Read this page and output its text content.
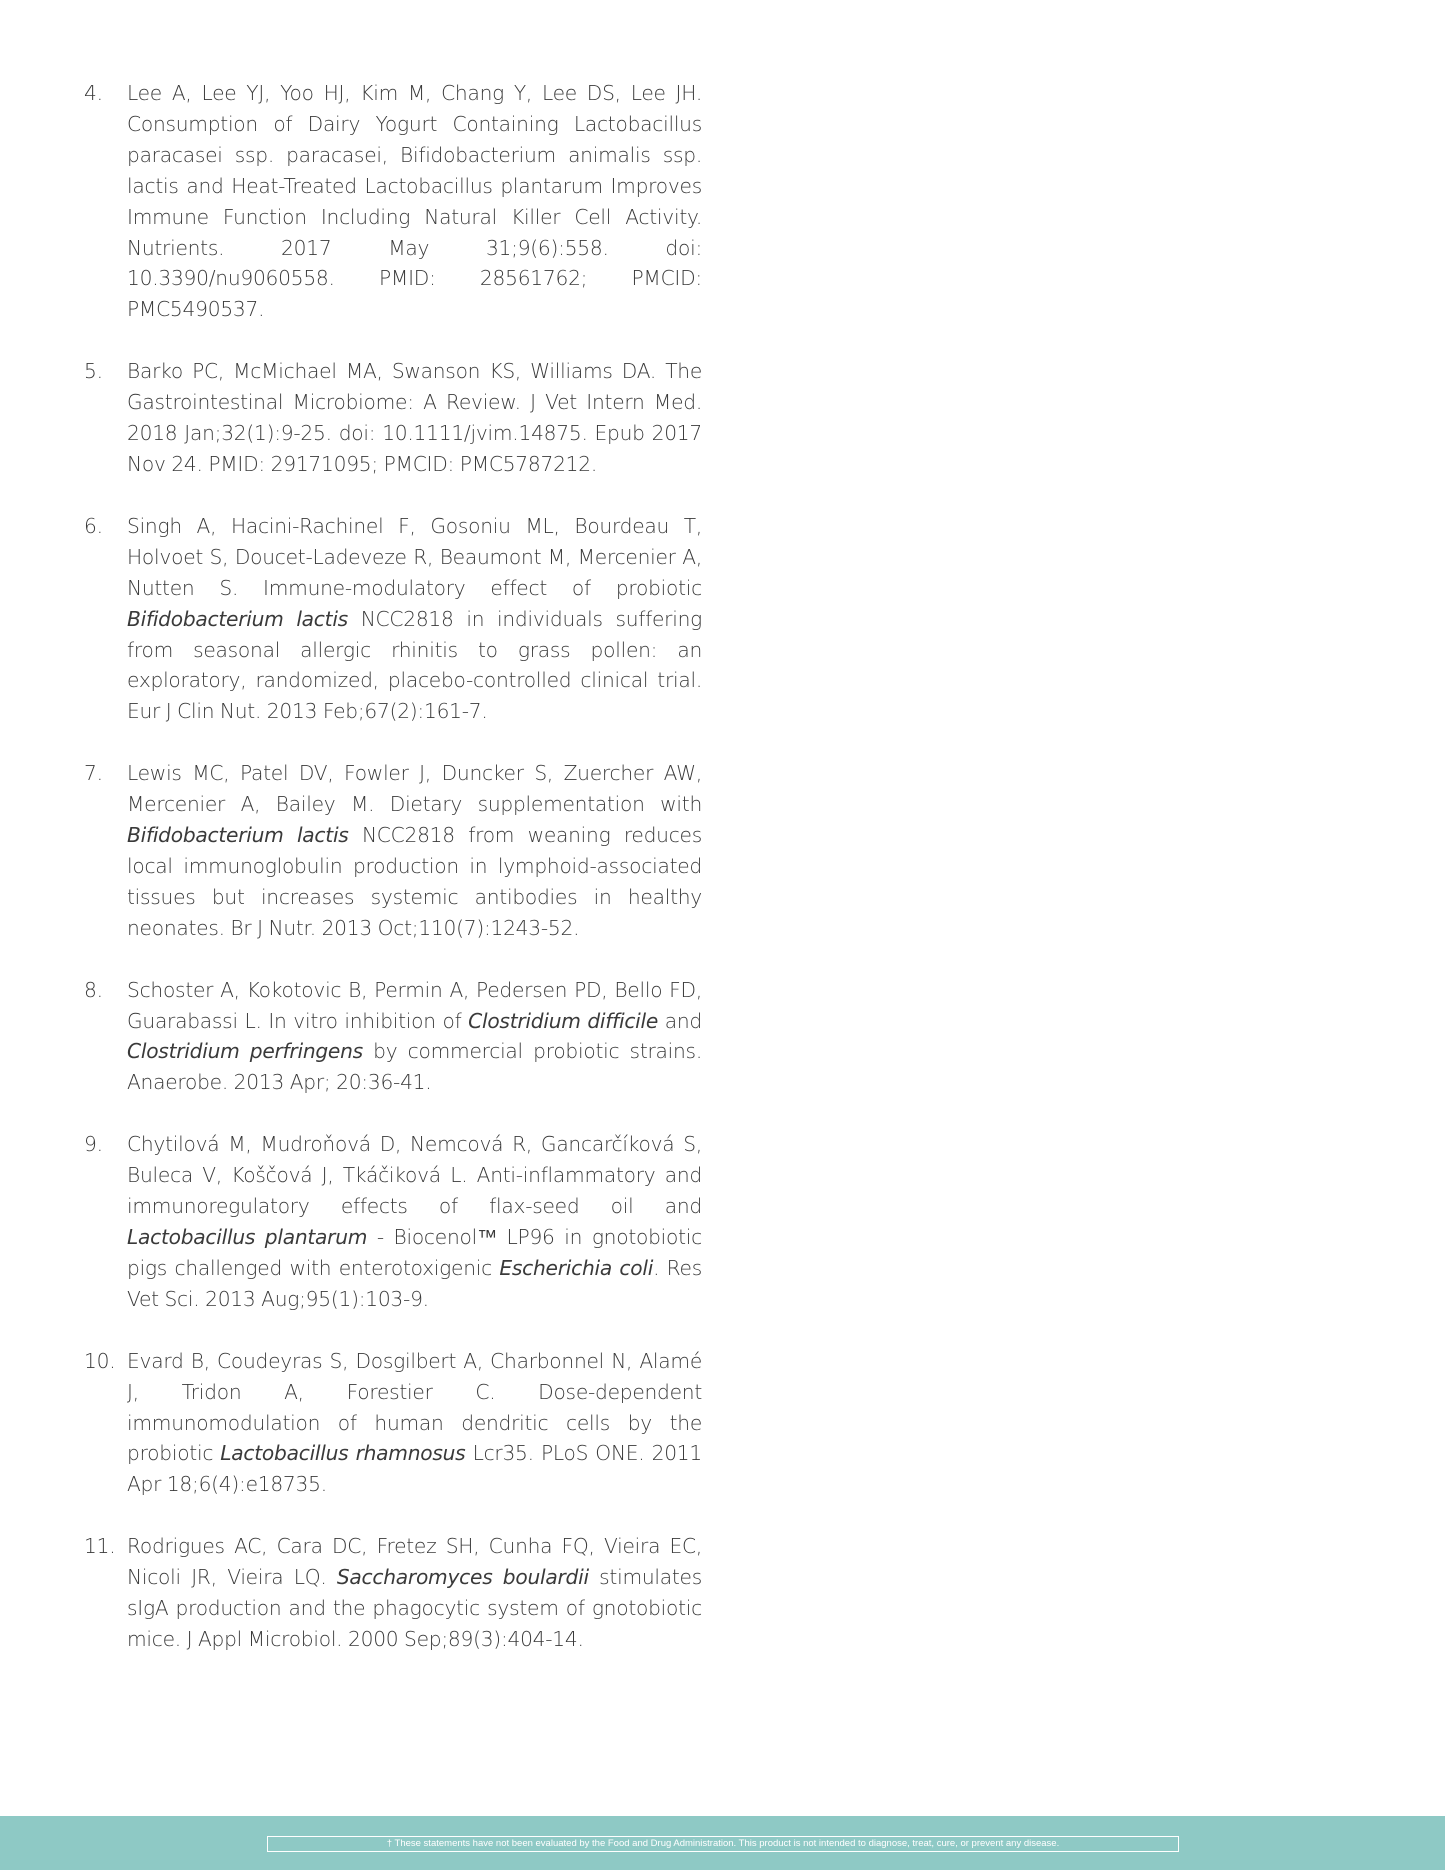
4. Lee A, Lee YJ, Yoo HJ, Kim M, Chang Y, Lee DS, Lee JH. Consumption of Dairy Yogurt Containing Lactobacillus paracasei ssp. paracasei, Bifidobacterium animalis ssp. lactis and Heat-Treated Lactobacillus plantarum Improves Immune Function Including Natural Killer Cell Activity. Nutrients. 2017 May 31;9(6):558. doi: 10.3390/nu9060558. PMID: 28561762; PMCID: PMC5490537.
5. Barko PC, McMichael MA, Swanson KS, Williams DA. The Gastrointestinal Microbiome: A Review. J Vet Intern Med. 2018 Jan;32(1):9-25. doi: 10.1111/jvim.14875. Epub 2017 Nov 24. PMID: 29171095; PMCID: PMC5787212.
6. Singh A, Hacini-Rachinel F, Gosoniu ML, Bourdeau T, Holvoet S, Doucet-Ladeveze R, Beaumont M, Mercenier A, Nutten S. Immune-modulatory effect of probiotic Bifidobacterium lactis NCC2818 in individuals suffering from seasonal allergic rhinitis to grass pollen: an exploratory, randomized, placebo-controlled clinical trial. Eur J Clin Nut. 2013 Feb;67(2):161-7.
7. Lewis MC, Patel DV, Fowler J, Duncker S, Zuercher AW, Mercenier A, Bailey M. Dietary supplementation with Bifidobacterium lactis NCC2818 from weaning reduces local immunoglobulin production in lymphoid-associated tissues but increases systemic antibodies in healthy neonates. Br J Nutr. 2013 Oct;110(7):1243-52.
8. Schoster A, Kokotovic B, Permin A, Pedersen PD, Bello FD, Guarabassi L. In vitro inhibition of Clostridium difficile and Clostridium perfringens by commercial probiotic strains. Anaerobe. 2013 Apr; 20:36-41.
9. Chytilová M, Mudroňová D, Nemcová R, Gancarčíková S, Buleca V, Koščová J, Tkáčiková L. Anti-inflammatory and immunoregulatory effects of flax-seed oil and Lactobacillus plantarum - Biocenol™ LP96 in gnotobiotic pigs challenged with enterotoxigenic Escherichia coli. Res Vet Sci. 2013 Aug;95(1):103-9.
10. Evard B, Coudeyras S, Dosgilbert A, Charbonnel N, Alamé J, Tridon A, Forestier C. Dose-dependent immunomodulation of human dendritic cells by the probiotic Lactobacillus rhamnosus Lcr35. PLoS ONE. 2011 Apr 18;6(4):e18735.
11. Rodrigues AC, Cara DC, Fretez SH, Cunha FQ, Vieira EC, Nicoli JR, Vieira LQ. Saccharomyces boulardii stimulates sIgA production and the phagocytic system of gnotobiotic mice. J Appl Microbiol. 2000 Sep;89(3):404-14.
† These statements have not been evaluated by the Food and Drug Administration. This product is not intended to diagnose, treat, cure, or prevent any disease.
